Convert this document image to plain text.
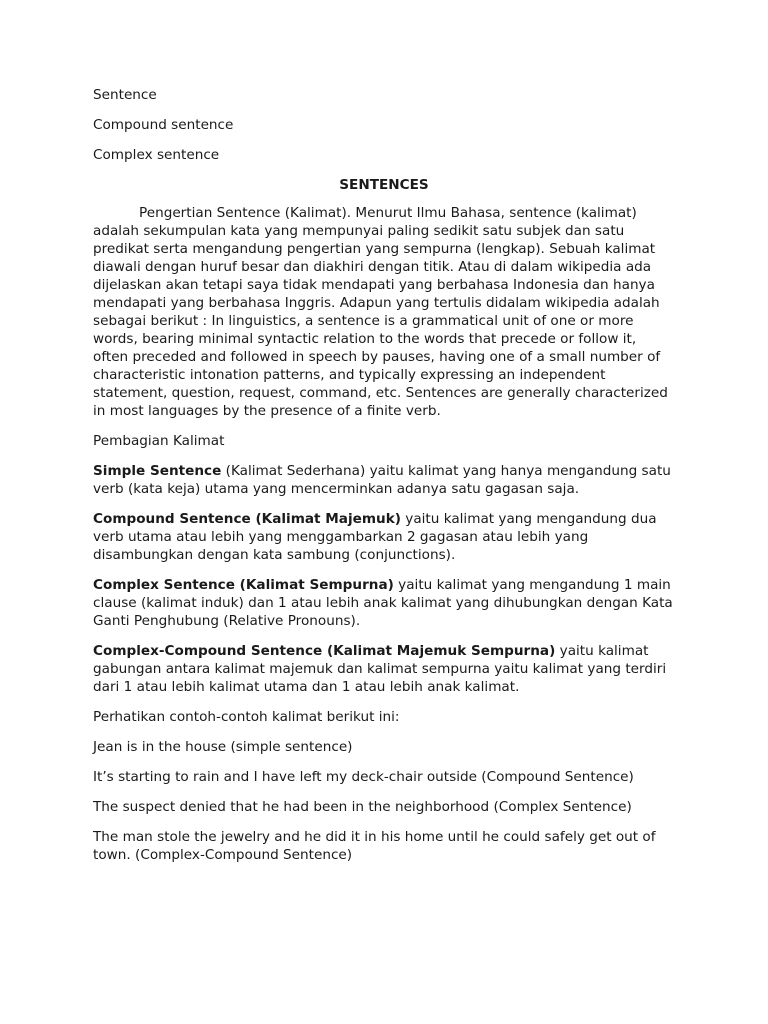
Sentence

Compound sentence

Complex sentence

SENTENCES

Pengertian Sentence (Kalimat). Menurut Ilmu Bahasa, sentence (kalimat) adalah sekumpulan kata yang mempunyai paling sedikit satu subjek dan satu predikat serta mengandung pengertian yang sempurna (lengkap). Sebuah kalimat diawali dengan huruf besar dan diakhiri dengan titik. Atau di dalam wikipedia ada dijelaskan akan tetapi saya tidak mendapati yang berbahasa Indonesia dan hanya mendapati yang berbahasa Inggris. Adapun yang tertulis didalam wikipedia adalah sebagai berikut : In linguistics, a sentence is a grammatical unit of one or more words, bearing minimal syntactic relation to the words that precede or follow it, often preceded and followed in speech by pauses, having one of a small number of characteristic intonation patterns, and typically expressing an independent statement, question, request, command, etc. Sentences are generally characterized in most languages by the presence of a finite verb.

Pembagian Kalimat

Simple Sentence (Kalimat Sederhana) yaitu kalimat yang hanya mengandung satu verb (kata keja) utama yang mencerminkan adanya satu gagasan saja.

Compound Sentence (Kalimat Majemuk) yaitu kalimat yang mengandung dua verb utama atau lebih yang menggambarkan 2 gagasan atau lebih yang disambungkan dengan kata sambung (conjunctions).

Complex Sentence (Kalimat Sempurna) yaitu kalimat yang mengandung 1 main clause (kalimat induk) dan 1 atau lebih anak kalimat yang dihubungkan dengan Kata Ganti Penghubung (Relative Pronouns).

Complex-Compound Sentence (Kalimat Majemuk Sempurna) yaitu kalimat gabungan antara kalimat majemuk dan kalimat sempurna yaitu kalimat yang terdiri dari 1 atau lebih kalimat utama dan 1 atau lebih anak kalimat.

Perhatikan contoh-contoh kalimat berikut ini:

Jean is in the house (simple sentence)

It’s starting to rain and I have left my deck-chair outside (Compound Sentence)

The suspect denied that he had been in the neighborhood (Complex Sentence)

The man stole the jewelry and he did it in his home until he could safely get out of town. (Complex-Compound Sentence)
